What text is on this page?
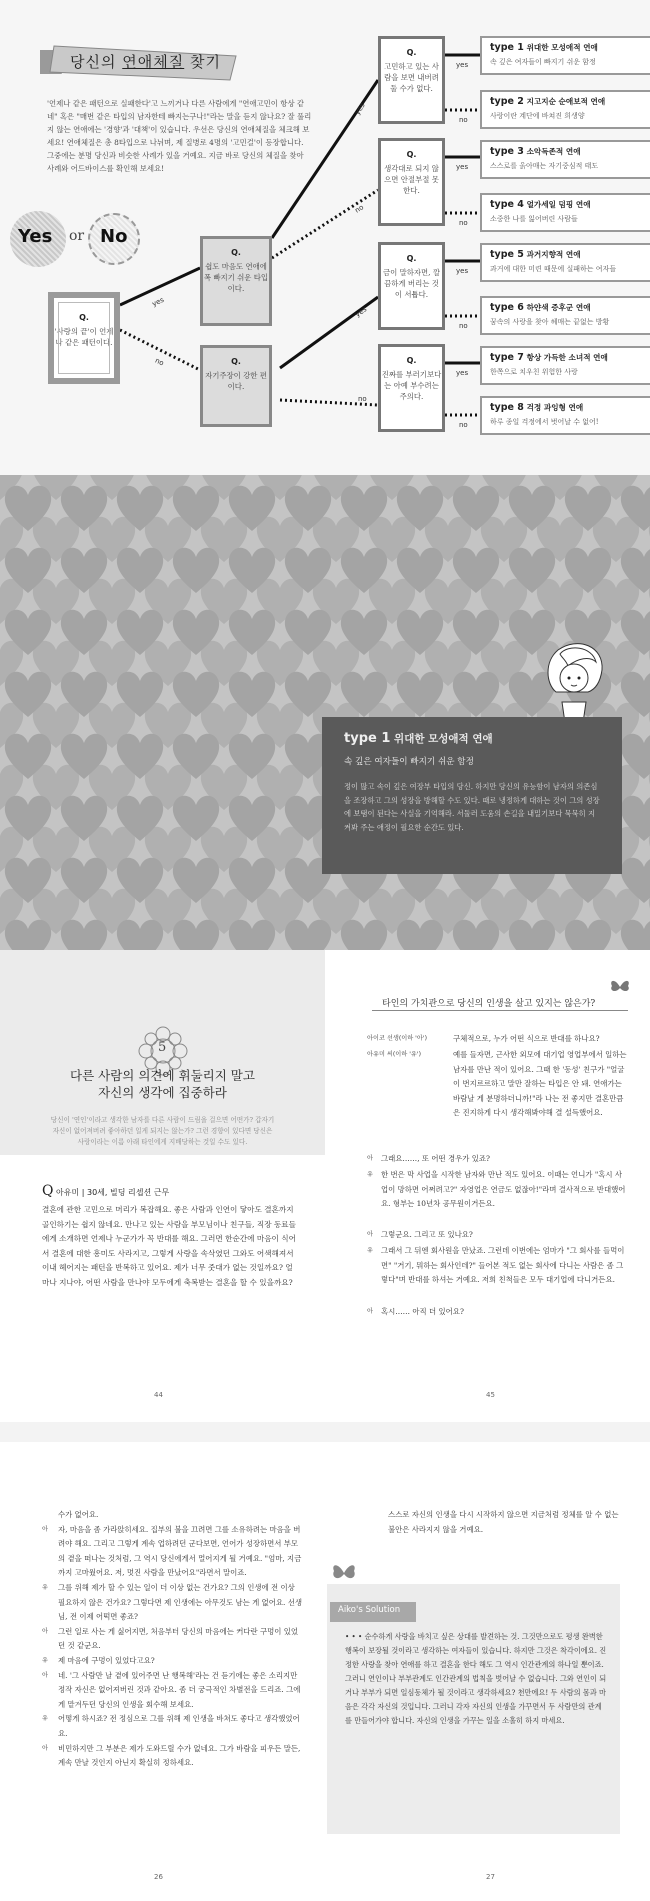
당신의 연애체질 찾기
'언제나 같은 패턴으로 실패한다'고 느끼거나 다른 사람에게 "연애고민이 항상 같네" 혹은 "매번 같은 타입의 남자한테 빠지는구나!"라는 말을 듣지 않나요? 잘 풀리지 않는 연애에는 '경향'과 '대책'이 있습니다. 우선은 당신의 연애체질을 체크해 보세요! 연애체질은 총 8타입으로 나뉘며, 제 질병로 4명의 '고민걸'이 등장합니다. 그중에는 분명 당신과 비슷한 사례가 있을 거예요. 지금 바로 당신의 체질을 찾아 사례와 어드바이스를 확인해 보세요!
Yes or No
Q.
'사랑의 끝'이 언제나 같은 패턴이다.
Q.
쉽도 마음도 연애에 폭 빠지기 쉬운 타입이다.
Q.
자기주장이 강한 편이다.
Q.
고민하고 있는 사람을 보면 내버려둘 수가 없다.
Q.
생각대로 되지 않으면 안절부절 못한다.
Q.
금이 말하자면, 깔끔하게 버리는 것이 서툽다.
Q.
진짜를 부러기보다는 아예 부수려는 주의다.
yes
no
yes
no
yes
no
yes
no
yes
no
yes
no
yes
no
type 1 위대한 모성애적 연애
속 깊은 여자들이 빠지기 쉬운 함정
type 2 지고지순 순애보적 연애
사랑이란 계단에 바쳐진 희생양
type 3 소악독존적 연애
스스로를 옭아매는 자기중심적 태도
type 4 얼가세일 덤핑 연애
소중한 나를 잃어버린 사람들
type 5 과거지향적 연애
과거에 대한 미련 때문에 실패하는 여자들
type 6 하얀색 증후군 연애
꿈속의 사랑을 찾아 헤매는 끝없는 방황
type 7 항상 가득한 소녀적 연애
한쪽으로 치우친 위험한 사랑
type 8 걱정 과잉형 연애
하루 종일 걱정에서 벗어날 수 없어!
type 1 위대한 모성애적 연애
속 깊은 여자들이 빠지기 쉬운 함정
정이 많고 속이 깊은 여장부 타입의 당신. 하지만 당신의 유능함이 남자의 의존심을 조장하고 그의 성장을 방해할 수도 있다. 때로 냉정하게 대하는 것이 그의 성장에 보탬이 된다는 사실을 기억해라. 서둘러 도움의 손길을 내밀기보다 묵묵히 지켜봐 주는 애정이 필요한 순간도 있다.
5
다른 사람의 의견에 휘둘리지 말고
자신의 생각에 집중하라
당신이 '연인'이라고 생각한 남자를 다른 사람이 드림을 걸으면 어떤가? 갑자기 자신이 없어져버려 좋아하던 일게 되지는 않는가? 그런 경향이 있다면 당신은 사랑이라는 이름 아래 타인에게 지배당하는 것일 수도 있다.
Q 아유미 | 30세, 빌딩 리셉션 근무
결혼에 관한 고민으로 머리가 복잡해요. 좋은 사람과 인연이 닿아도 결혼까지 골인하기는 쉽지 않네요. 만나고 있는 사람을 부모님이나 친구들, 직장 동료들에게 소개하면 언제나 누군가가 꼭 반대를 해요. 그러면 한순간에 마음이 식어서 결혼에 대한 흥미도 사라지고, 그렇게 사랑을 속삭였던 그와도 어색해져서 이내 헤어지는 패턴을 반복하고 있어요. 제가 너무 줏대가 없는 것일까요? 얼마나 지나야, 어떤 사람을 만나야 모두에게 축복받는 결혼을 할 수 있을까요?
44
타인의 가치관으로 당신의 인생을 살고 있지는 않은가?
아이코 선생(이하 '아')	구체적으로, 누가 어떤 식으로 반대를 하나요?
아유미 씨(이하 '유')	예를 들자면, 근사한 외모에 대기업 영업부에서 일하는 남자를 만난 적이 있어요. 그때 한 '동성' 친구가 "얼굴이 번지르르하고 말만 잘하는 타입은 안 돼. 연애가는 바람날 게 분명하더니까!"라 나는 전 좋지만 결혼만큼은 진지하게 다시 생각해봐야해 결 설득했어요.
아	그래요……, 또 어떤 경우가 있죠?
유	한 번은 막 사업을 시작한 남자와 만난 적도 있어요. 이때는 언니가 "혹시 사업이 망하면 어쩌려고?" 자영업은 연금도 없잖아!"라며 결사적으로 반대했어요. 형부는 10년차 공무원이거든요.
아	그렇군요. 그리고 또 있나요?
유	그래서 그 뒤엔 회사원을 만났죠. 그런데 이번에는 엄마가 "그 회사를 들먹이면" "거기, 뭐하는 회사인데?" 들어본 적도 없는 회사에 다니는 사람은 좀 그렇다"며 반대를 하셔는 거예요. 저희 친척들은 모두 대기업에 다니거든요.
아	혹시…… 아직 더 있어요?
45
수가 없어요.
아 자, 마음을 좀 가라앉히세요. 집부의 불을 끄려면 그를 소유하려는 마음을 버려야 해요. 그리고 그렇게 계속 업하려던 군다보면, 언어가 성장하면서 부모의 곁을 떠나는 것처럼, 그 역시 당신에게서 멀어지게 될 거예요. "엄마, 지금까지 고마웠어요. 저, 멋진 사람을 만났어요"라면서 말이죠.
유 그를 위해 제가 할 수 있는 일이 더 이상 없는 건가요? 그의 인생에 전 이상 필요하지 않은 건가요? 그렇다면 제 인생에는 아무것도 남는 게 없어요. 선생님, 전 이제 어떡면 좋죠?
아 그런 일로 사는 게 싫어지면, 처음부터 당신의 마음에는 커다란 구멍이 있었던 것 같군요.
유 제 마음에 구멍이 있었다고요?
아 네. '그 사람만 날 곁에 있어주면 난 행복해'라는 건 듣기에는 좋은 소리지만 정작 자신은 없어져버린 것과 같아요. 좀 더 궁극적인 차별전을 드리죠. 그에게 맡겨두던 당신의 인생을 회수해 보세요.
유 어떻게 하시죠? 전 정심으로 그를 위해 제 인생을 바쳐도 좋다고 생각했었어요.
아 비민하지만 그 부분은 제가 도와드릴 수가 없네요. 그가 바람을 피우든 말든, 계속 만날 것인지 아닌지 확실히 정하세요.
26
스스로 자신의 인생을 다시 시작하지 않으면 지금처럼 정체를 알 수 없는 불안은 사라지지 않을 거예요.
Aiko's Solution
• • • 순수하게 사랑을 바치고 싶은 상대를 발견하는 것. 그것만으로도 평생 완벽한 행복이 보장될 것이라고 생각하는 여자들이 있습니다. 하지만 그것은 착각이에요. 진정한 사랑을 찾아 연애를 하고 결혼을 한다 해도 그 역시 인간관계의 하나일 뿐이죠. 그러니 연인이나 부부관계도 인간관계의 법칙을 벗어날 수 없습니다. 그와 연인이 되거나 부부가 되면 일심동체가 될 것이라고 생각하세요? 천만에요! 두 사람의 몸과 마음은 각각 자신의 것입니다. 그러니 각자 자신의 인생을 가꾸면서 두 사람만의 관계를 만들어가야 합니다. 자신의 인생을 가꾸는 일을 소홀히 하지 마세요.
27
